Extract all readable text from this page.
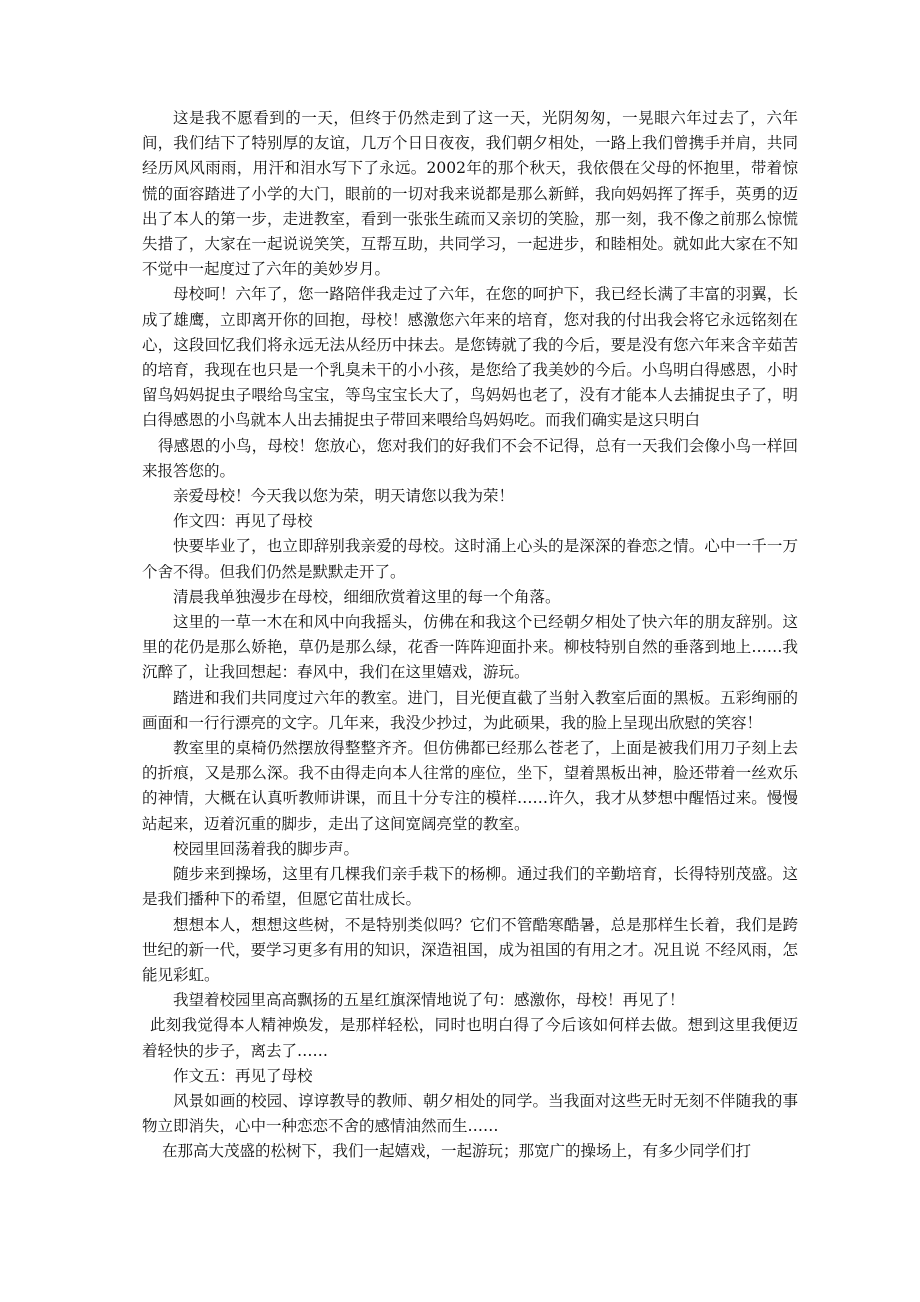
这是我不愿看到的一天，但终于仍然走到了这一天，光阴匆匆，一晃眼六年过去了，六年间，我们结下了特别厚的友谊，几万个日日夜夜，我们朝夕相处，一路上我们曾携手并肩，共同经历风风雨雨，用汗和泪水写下了永远。2002年的那个秋天，我依偎在父母的怀抱里，带着惊慌的面容踏进了小学的大门，眼前的一切对我来说都是那么新鲜，我向妈妈挥了挥手，英勇的迈出了本人的第一步，走进教室，看到一张张生疏而又亲切的笑脸，那一刻，我不像之前那么惊慌失措了，大家在一起说说笑笑，互帮互助，共同学习，一起进步，和睦相处。就如此大家在不知不觉中一起度过了六年的美妙岁月。

母校呵！六年了，您一路陪伴我走过了六年，在您的呵护下，我已经长满了丰富的羽翼，长成了雄鹰，立即离开你的回抱，母校！感激您六年来的培育，您对我的付出我会将它永远铭刻在心，这段回忆我们将永远无法从经历中抹去。是您铸就了我的今后，要是没有您六年来含辛茹苦的培育，我现在也只是一个乳臭未干的小小孩，是您给了我美妙的今后。小鸟明白得感恩，小时留鸟妈妈捉虫子喂给鸟宝宝，等鸟宝宝长大了，鸟妈妈也老了，没有才能本人去捕捉虫子了，明白得感恩的小鸟就本人出去捕捉虫子带回来喂给鸟妈妈吃。而我们确实是这只明白

得感恩的小鸟，母校！您放心，您对我们的好我们不会不记得，总有一天我们会像小鸟一样回来报答您的。

亲爱母校！今天我以您为荣，明天请您以我为荣！

作文四：再见了母校

快要毕业了，也立即辞别我亲爱的母校。这时涌上心头的是深深的眷恋之情。心中一千一万个舍不得。但我们仍然是默默走开了。

清晨我单独漫步在母校，细细欣赏着这里的每一个角落。

这里的一草一木在和风中向我摇头，仿佛在和我这个已经朝夕相处了快六年的朋友辞别。这里的花仍是那么娇艳，草仍是那么绿，花香一阵阵迎面扑来。柳枝特别自然的垂落到地上……我沉醉了，让我回想起：春风中，我们在这里嬉戏，游玩。

踏进和我们共同度过六年的教室。进门，目光便直截了当射入教室后面的黑板。五彩绚丽的画面和一行行漂亮的文字。几年来，我没少抄过，为此硕果，我的脸上呈现出欣慰的笑容！

教室里的桌椅仍然摆放得整整齐齐。但仿佛都已经那么苍老了，上面是被我们用刀子刻上去的折痕，又是那么深。我不由得走向本人往常的座位，坐下，望着黑板出神，脸还带着一丝欢乐的神情，大概在认真听教师讲课，而且十分专注的模样……许久，我才从梦想中醒悟过来。慢慢站起来，迈着沉重的脚步，走出了这间宽阔亮堂的教室。

校园里回荡着我的脚步声。

随步来到操场，这里有几棵我们亲手栽下的杨柳。通过我们的辛勤培育，长得特别茂盛。这是我们播种下的希望，但愿它苗壮成长。

想想本人，想想这些树，不是特别类似吗？它们不管酷寒酷暑，总是那样生长着，我们是跨世纪的新一代，要学习更多有用的知识，深造祖国，成为祖国的有用之才。况且说 不经风雨，怎能见彩虹。

我望着校园里高高飘扬的五星红旗深情地说了句：感激你，母校！再见了！

此刻我觉得本人精神焕发，是那样轻松，同时也明白得了今后该如何样去做。想到这里我便迈着轻快的步子，离去了……

作文五：再见了母校

风景如画的校园、谆谆教导的教师、朝夕相处的同学。当我面对这些无时无刻不伴随我的事物立即消失，心中一种恋恋不舍的感情油然而生……

在那高大茂盛的松树下，我们一起嬉戏，一起游玩；那宽广的操场上，有多少同学们打
